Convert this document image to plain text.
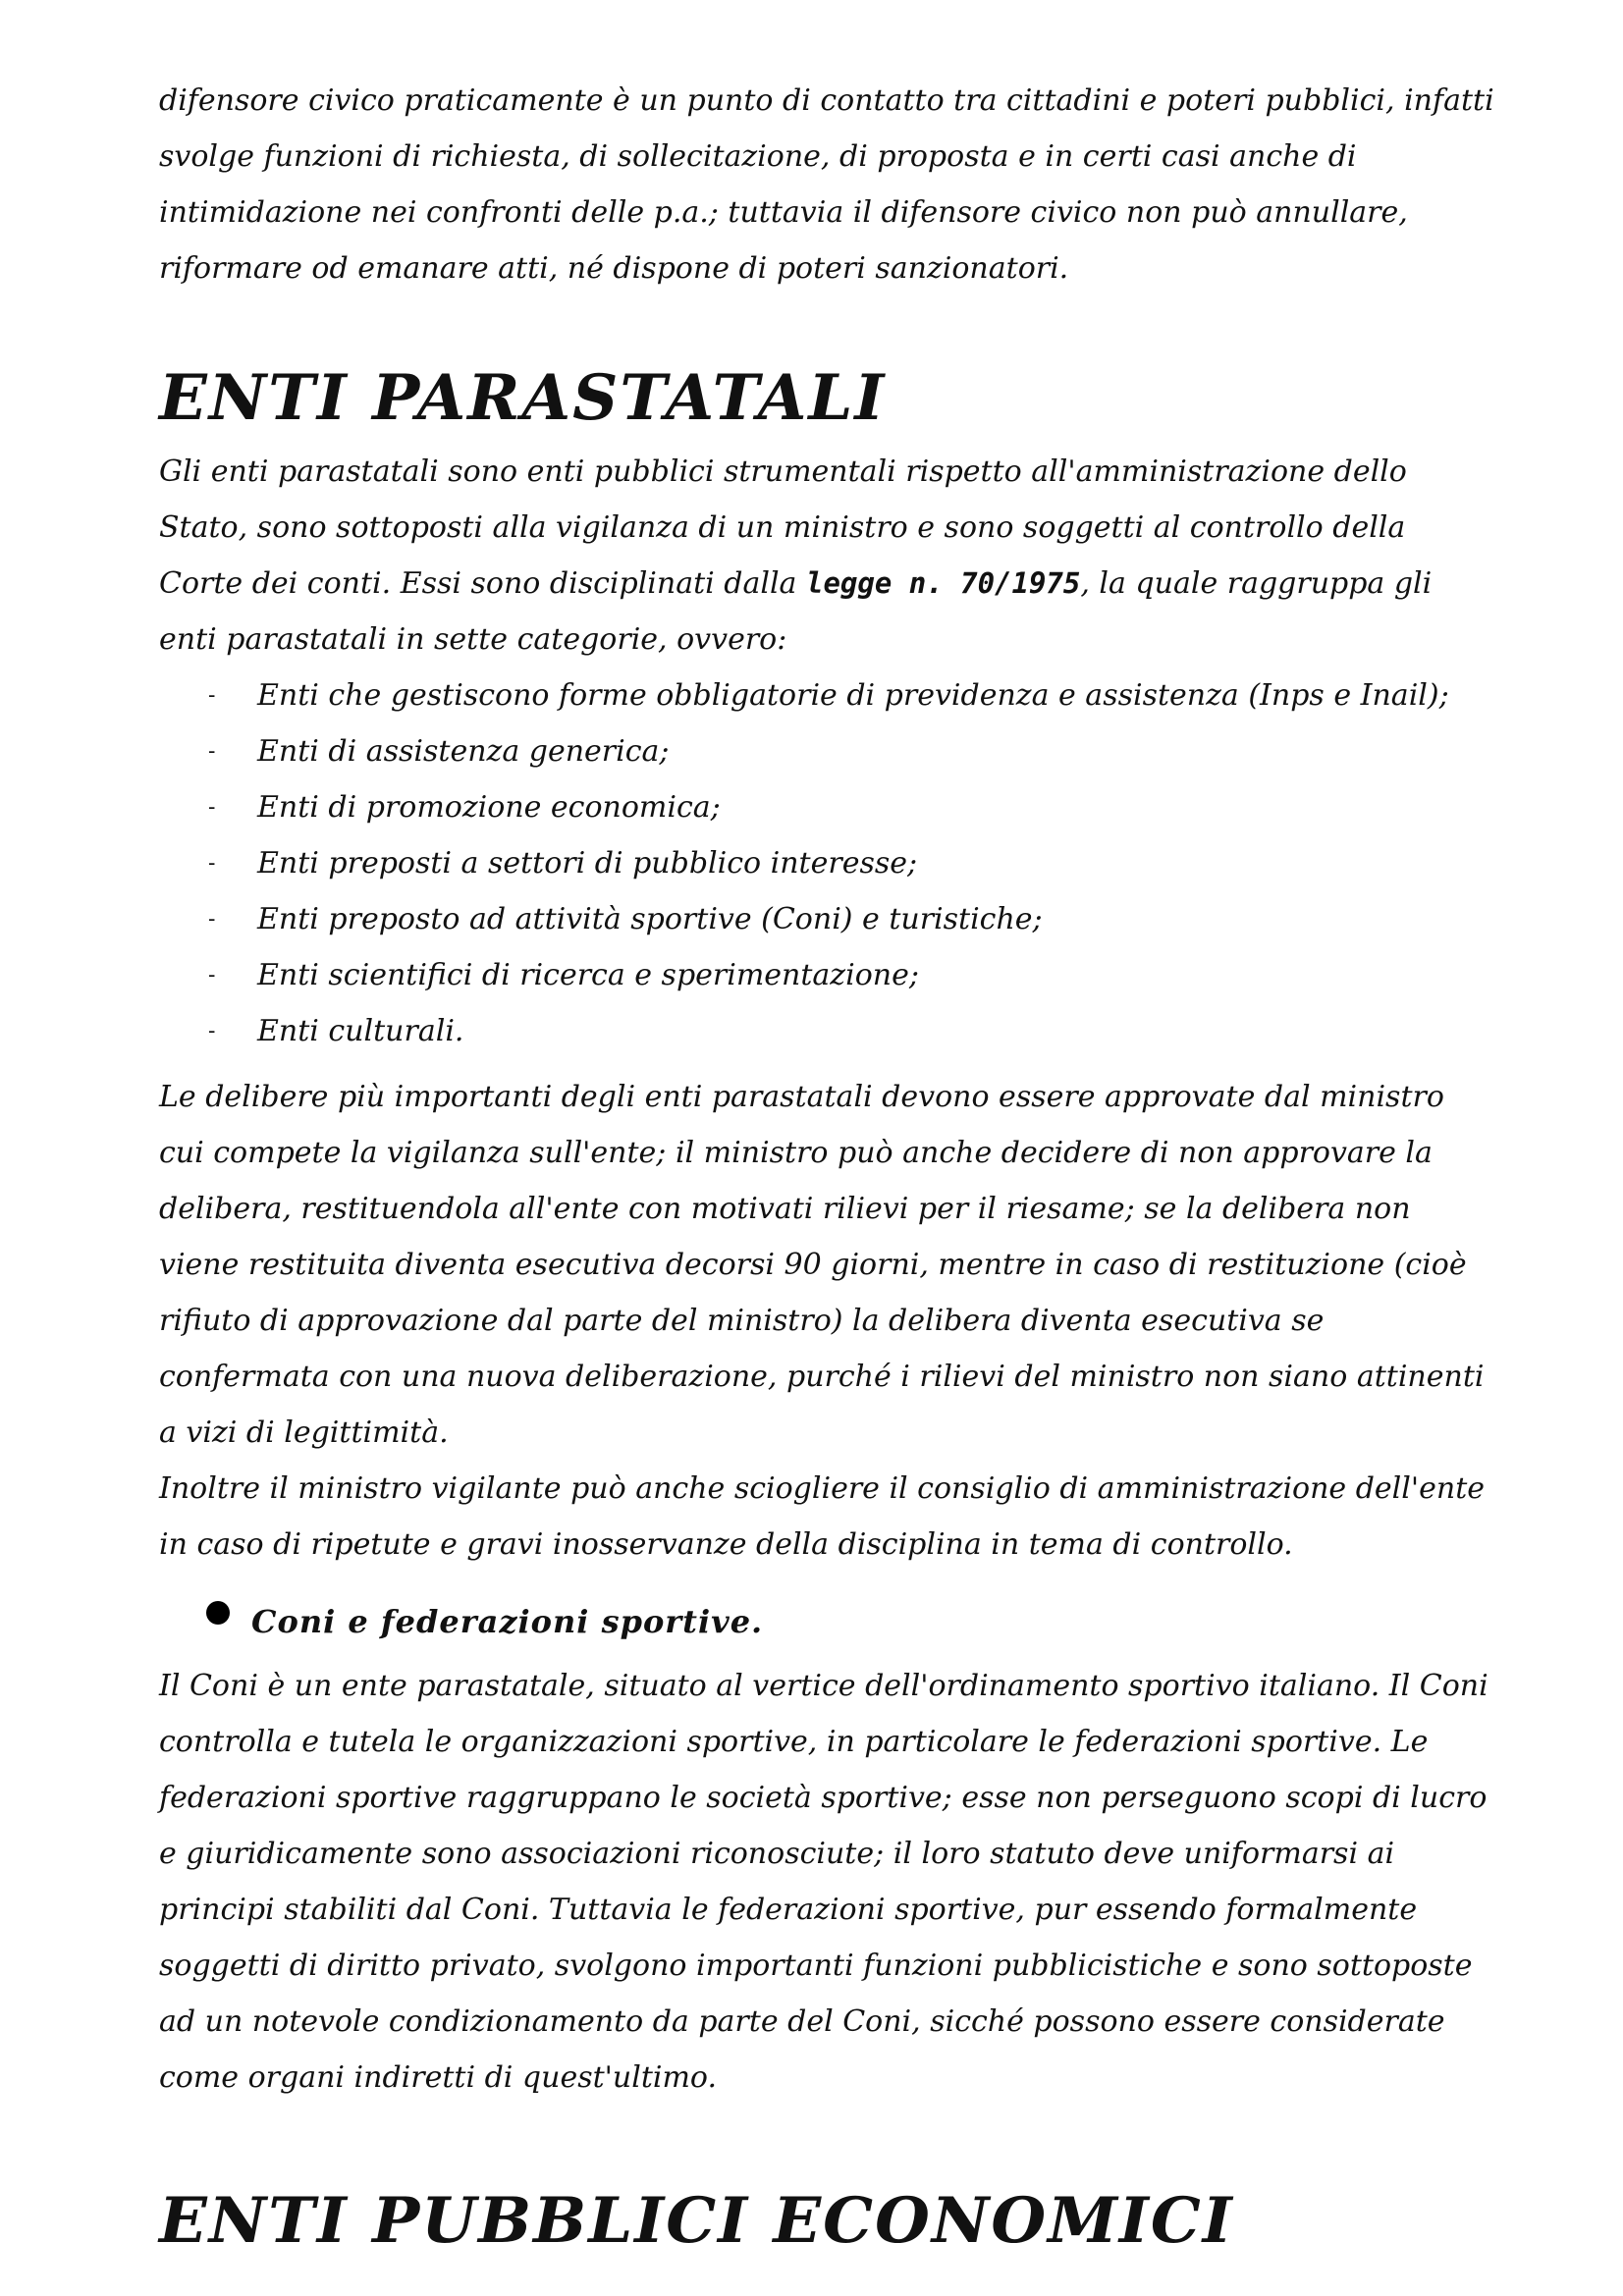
difensore civico praticamente è un punto di contatto tra cittadini e poteri pubblici, infatti svolge funzioni di richiesta, di sollecitazione, di proposta e in certi casi anche di intimidazione nei confronti delle p.a.; tuttavia il difensore civico non può annullare, riformare od emanare atti, né dispone di poteri sanzionatori.

ENTI PARASTATALI

Gli enti parastatali sono enti pubblici strumentali rispetto all'amministrazione dello Stato, sono sottoposti alla vigilanza di un ministro e sono soggetti al controllo della Corte dei conti. Essi sono disciplinati dalla legge n. 70/1975, la quale raggruppa gli enti parastatali in sette categorie, ovvero:

- Enti che gestiscono forme obbligatorie di previdenza e assistenza (Inps e Inail);
- Enti di assistenza generica;
- Enti di promozione economica;
- Enti preposti a settori di pubblico interesse;
- Enti preposto ad attività sportive (Coni) e turistiche;
- Enti scientifici di ricerca e sperimentazione;
- Enti culturali.

Le delibere più importanti degli enti parastatali devono essere approvate dal ministro cui compete la vigilanza sull'ente; il ministro può anche decidere di non approvare la delibera, restituendola all'ente con motivati rilievi per il riesame; se la delibera non viene restituita diventa esecutiva decorsi 90 giorni, mentre in caso di restituzione (cioè rifiuto di approvazione dal parte del ministro) la delibera diventa esecutiva se confermata con una nuova deliberazione, purché i rilievi del ministro non siano attinenti a vizi di legittimità.

Inoltre il ministro vigilante può anche sciogliere il consiglio di amministrazione dell'ente in caso di ripetute e gravi inosservanze della disciplina in tema di controllo.

Coni e federazioni sportive.

Il Coni è un ente parastatale, situato al vertice dell'ordinamento sportivo italiano. Il Coni controlla e tutela le organizzazioni sportive, in particolare le federazioni sportive. Le federazioni sportive raggruppano le società sportive; esse non perseguono scopi di lucro e giuridicamente sono associazioni riconosciute; il loro statuto deve uniformarsi ai principi stabiliti dal Coni. Tuttavia le federazioni sportive, pur essendo formalmente soggetti di diritto privato, svolgono importanti funzioni pubblicistiche e sono sottoposte ad un notevole condizionamento da parte del Coni, sicché possono essere considerate come organi indiretti di quest'ultimo.

ENTI PUBBLICI ECONOMICI
